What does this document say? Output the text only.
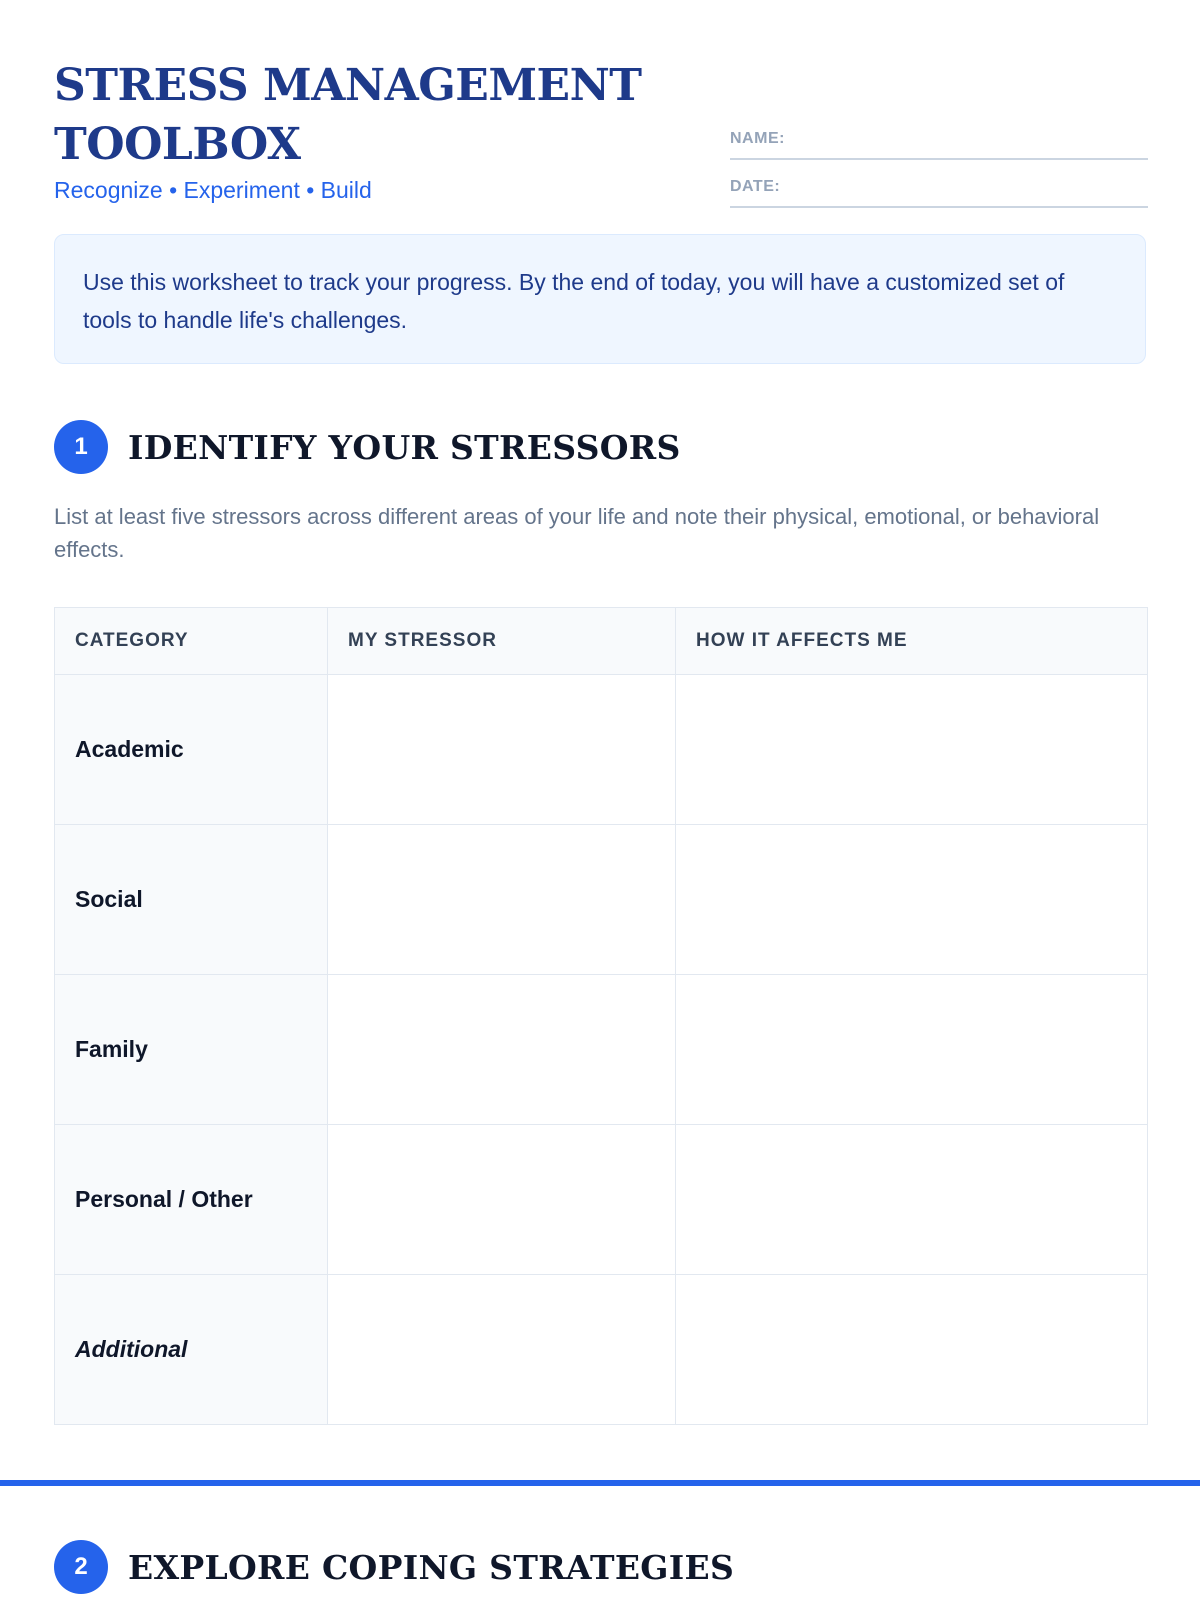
STRESS MANAGEMENT TOOLBOX
Recognize • Experiment • Build
NAME:
DATE:
Use this worksheet to track your progress. By the end of today, you will have a customized set of tools to handle life's challenges.
1	IDENTIFY YOUR STRESSORS
List at least five stressors across different areas of your life and note their physical, emotional, or behavioral effects.
CATEGORY	MY STRESSOR	HOW IT AFFECTS ME
Academic		
Social		
Family		
Personal / Other		
Additional		
2	EXPLORE COPING STRATEGIES
